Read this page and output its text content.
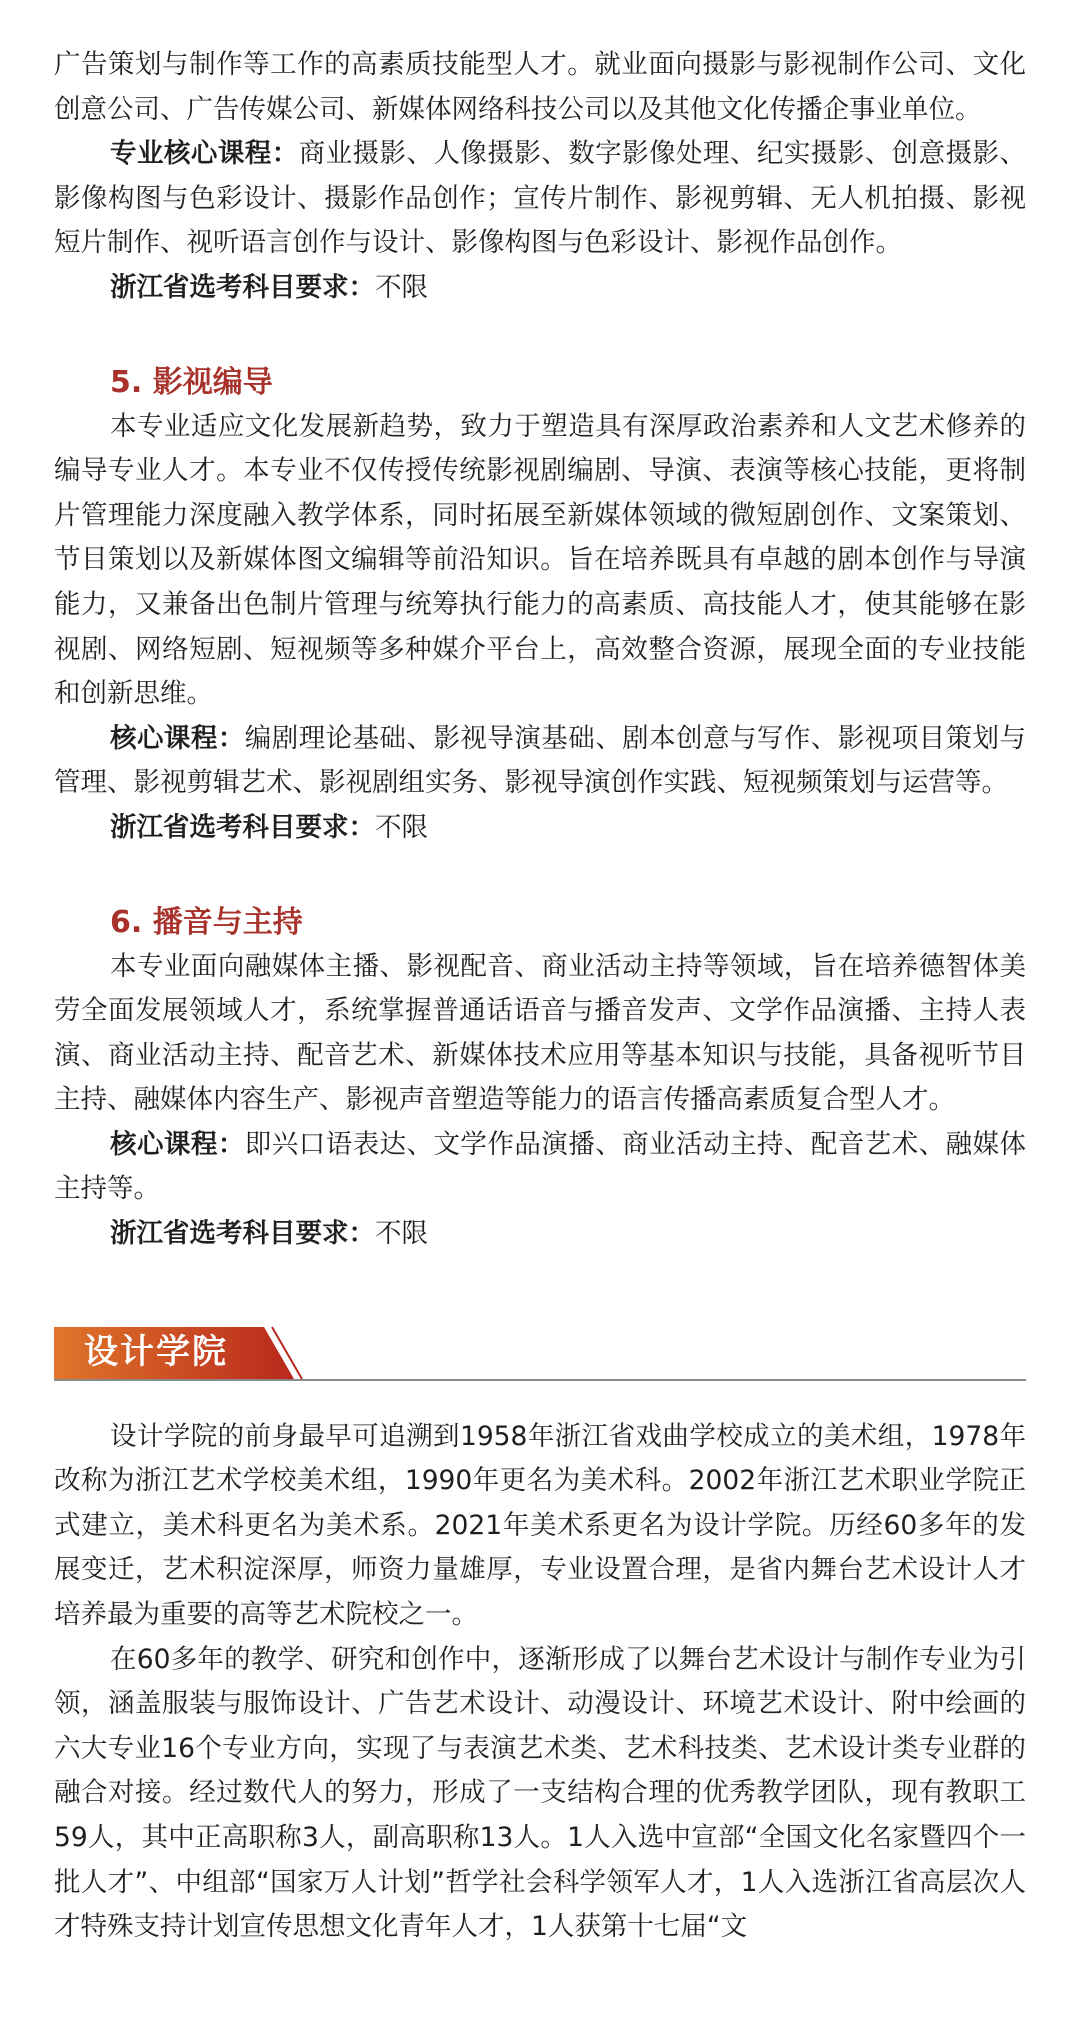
广告策划与制作等工作的高素质技能型人才。就业面向摄影与影视制作公司、文化创意公司、广告传媒公司、新媒体网络科技公司以及其他文化传播企事业单位。

专业核心课程：商业摄影、人像摄影、数字影像处理、纪实摄影、创意摄影、影像构图与色彩设计、摄影作品创作；宣传片制作、影视剪辑、无人机拍摄、影视短片制作、视听语言创作与设计、影像构图与色彩设计、影视作品创作。

浙江省选考科目要求：不限

5. 影视编导

本专业适应文化发展新趋势，致力于塑造具有深厚政治素养和人文艺术修养的编导专业人才。本专业不仅传授传统影视剧编剧、导演、表演等核心技能，更将制片管理能力深度融入教学体系，同时拓展至新媒体领域的微短剧创作、文案策划、节目策划以及新媒体图文编辑等前沿知识。旨在培养既具有卓越的剧本创作与导演能力，又兼备出色制片管理与统筹执行能力的高素质、高技能人才，使其能够在影视剧、网络短剧、短视频等多种媒介平台上，高效整合资源，展现全面的专业技能和创新思维。

核心课程：编剧理论基础、影视导演基础、剧本创意与写作、影视项目策划与管理、影视剪辑艺术、影视剧组实务、影视导演创作实践、短视频策划与运营等。

浙江省选考科目要求：不限

6. 播音与主持

本专业面向融媒体主播、影视配音、商业活动主持等领域，旨在培养德智体美劳全面发展领域人才，系统掌握普通话语音与播音发声、文学作品演播、主持人表演、商业活动主持、配音艺术、新媒体技术应用等基本知识与技能，具备视听节目主持、融媒体内容生产、影视声音塑造等能力的语言传播高素质复合型人才。

核心课程：即兴口语表达、文学作品演播、商业活动主持、配音艺术、融媒体主持等。

浙江省选考科目要求：不限

设计学院

设计学院的前身最早可追溯到1958年浙江省戏曲学校成立的美术组，1978年改称为浙江艺术学校美术组，1990年更名为美术科。2002年浙江艺术职业学院正式建立，美术科更名为美术系。2021年美术系更名为设计学院。历经60多年的发展变迁，艺术积淀深厚，师资力量雄厚，专业设置合理，是省内舞台艺术设计人才培养最为重要的高等艺术院校之一。

在60多年的教学、研究和创作中，逐渐形成了以舞台艺术设计与制作专业为引领，涵盖服装与服饰设计、广告艺术设计、动漫设计、环境艺术设计、附中绘画的六大专业16个专业方向，实现了与表演艺术类、艺术科技类、艺术设计类专业群的融合对接。经过数代人的努力，形成了一支结构合理的优秀教学团队，现有教职工59人，其中正高职称3人，副高职称13人。1人入选中宣部“全国文化名家暨四个一批人才”、中组部“国家万人计划”哲学社会科学领军人才，1人入选浙江省高层次人才特殊支持计划宣传思想文化青年人才，1人获第十七届“文
